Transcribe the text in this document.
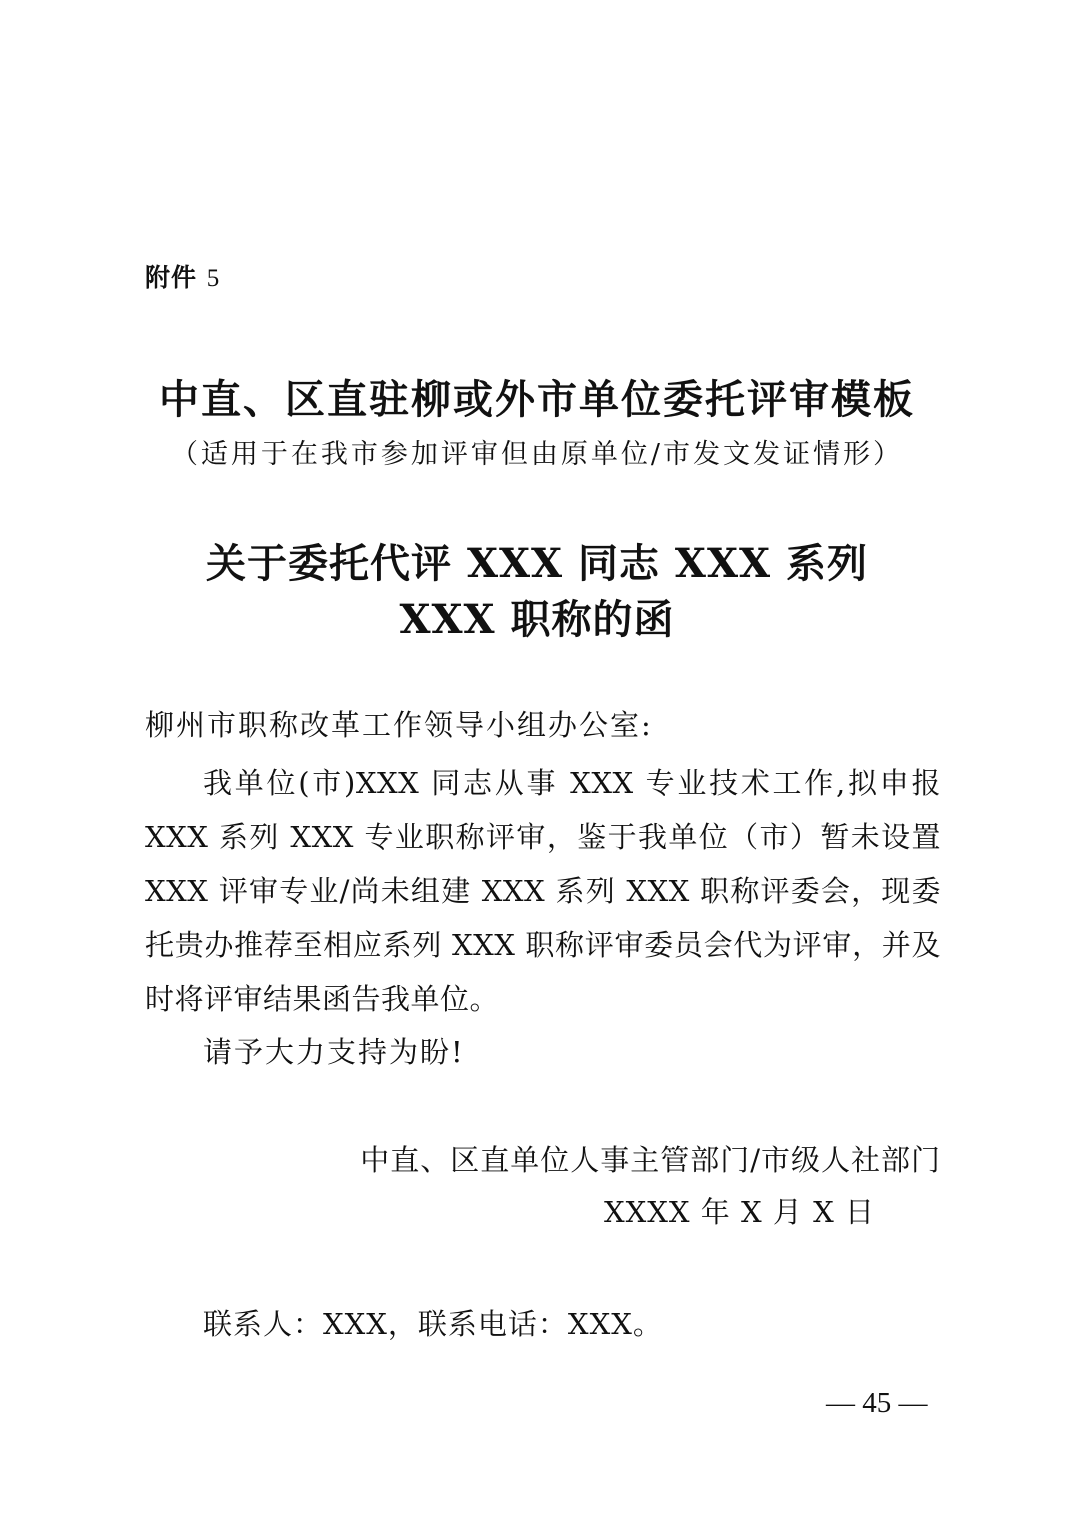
附件 5
中直、区直驻柳或外市单位委托评审模板
（适用于在我市参加评审但由原单位/市发文发证情形）
关于委托代评 XXX 同志 XXX 系列
XXX 职称的函
柳州市职称改革工作领导小组办公室:
我单位(市)XXX 同志从事 XXX 专业技术工作,拟申报 XXX 系列 XXX 专业职称评审，鉴于我单位（市）暂未设置 XXX 评审专业/尚未组建 XXX 系列 XXX 职称评委会，现委托贵办推荐至相应系列 XXX 职称评审委员会代为评审，并及时将评审结果函告我单位。
请予大力支持为盼!
中直、区直单位人事主管部门/市级人社部门
XXXX 年 X 月 X 日
联系人：XXX，联系电话：XXX。
— 45 —
